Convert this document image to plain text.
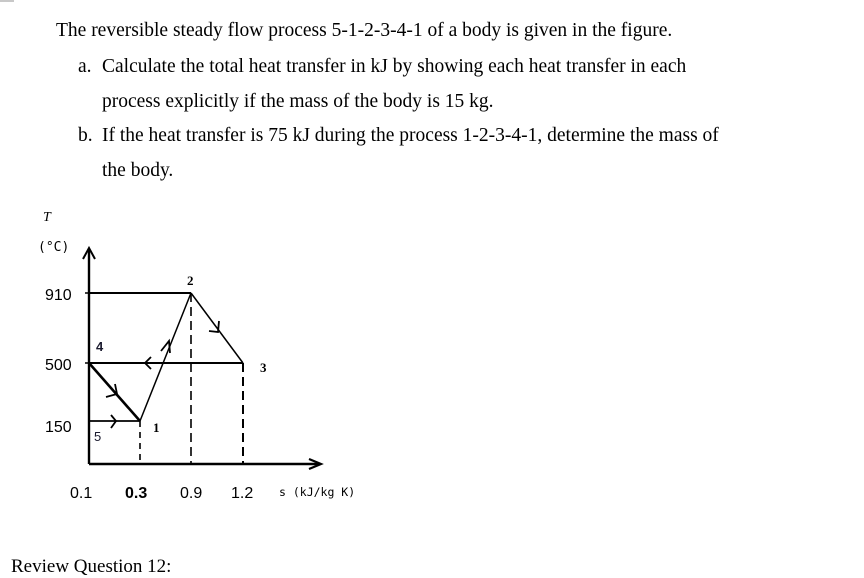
The reversible steady flow process 5-1-2-3-4-1 of a body is given in the figure.
a. Calculate the total heat transfer in kJ by showing each heat transfer in each
process explicitly if the mass of the body is 15 kg.
b. If the heat transfer is 75 kJ during the process 1-2-3-4-1, determine the mass of
the body.
2
3
1
4
5
T
(°C)
910
500
150
0.1 0.3 0.9 1.2 s (kJ/kg K)
Review Question 12:
